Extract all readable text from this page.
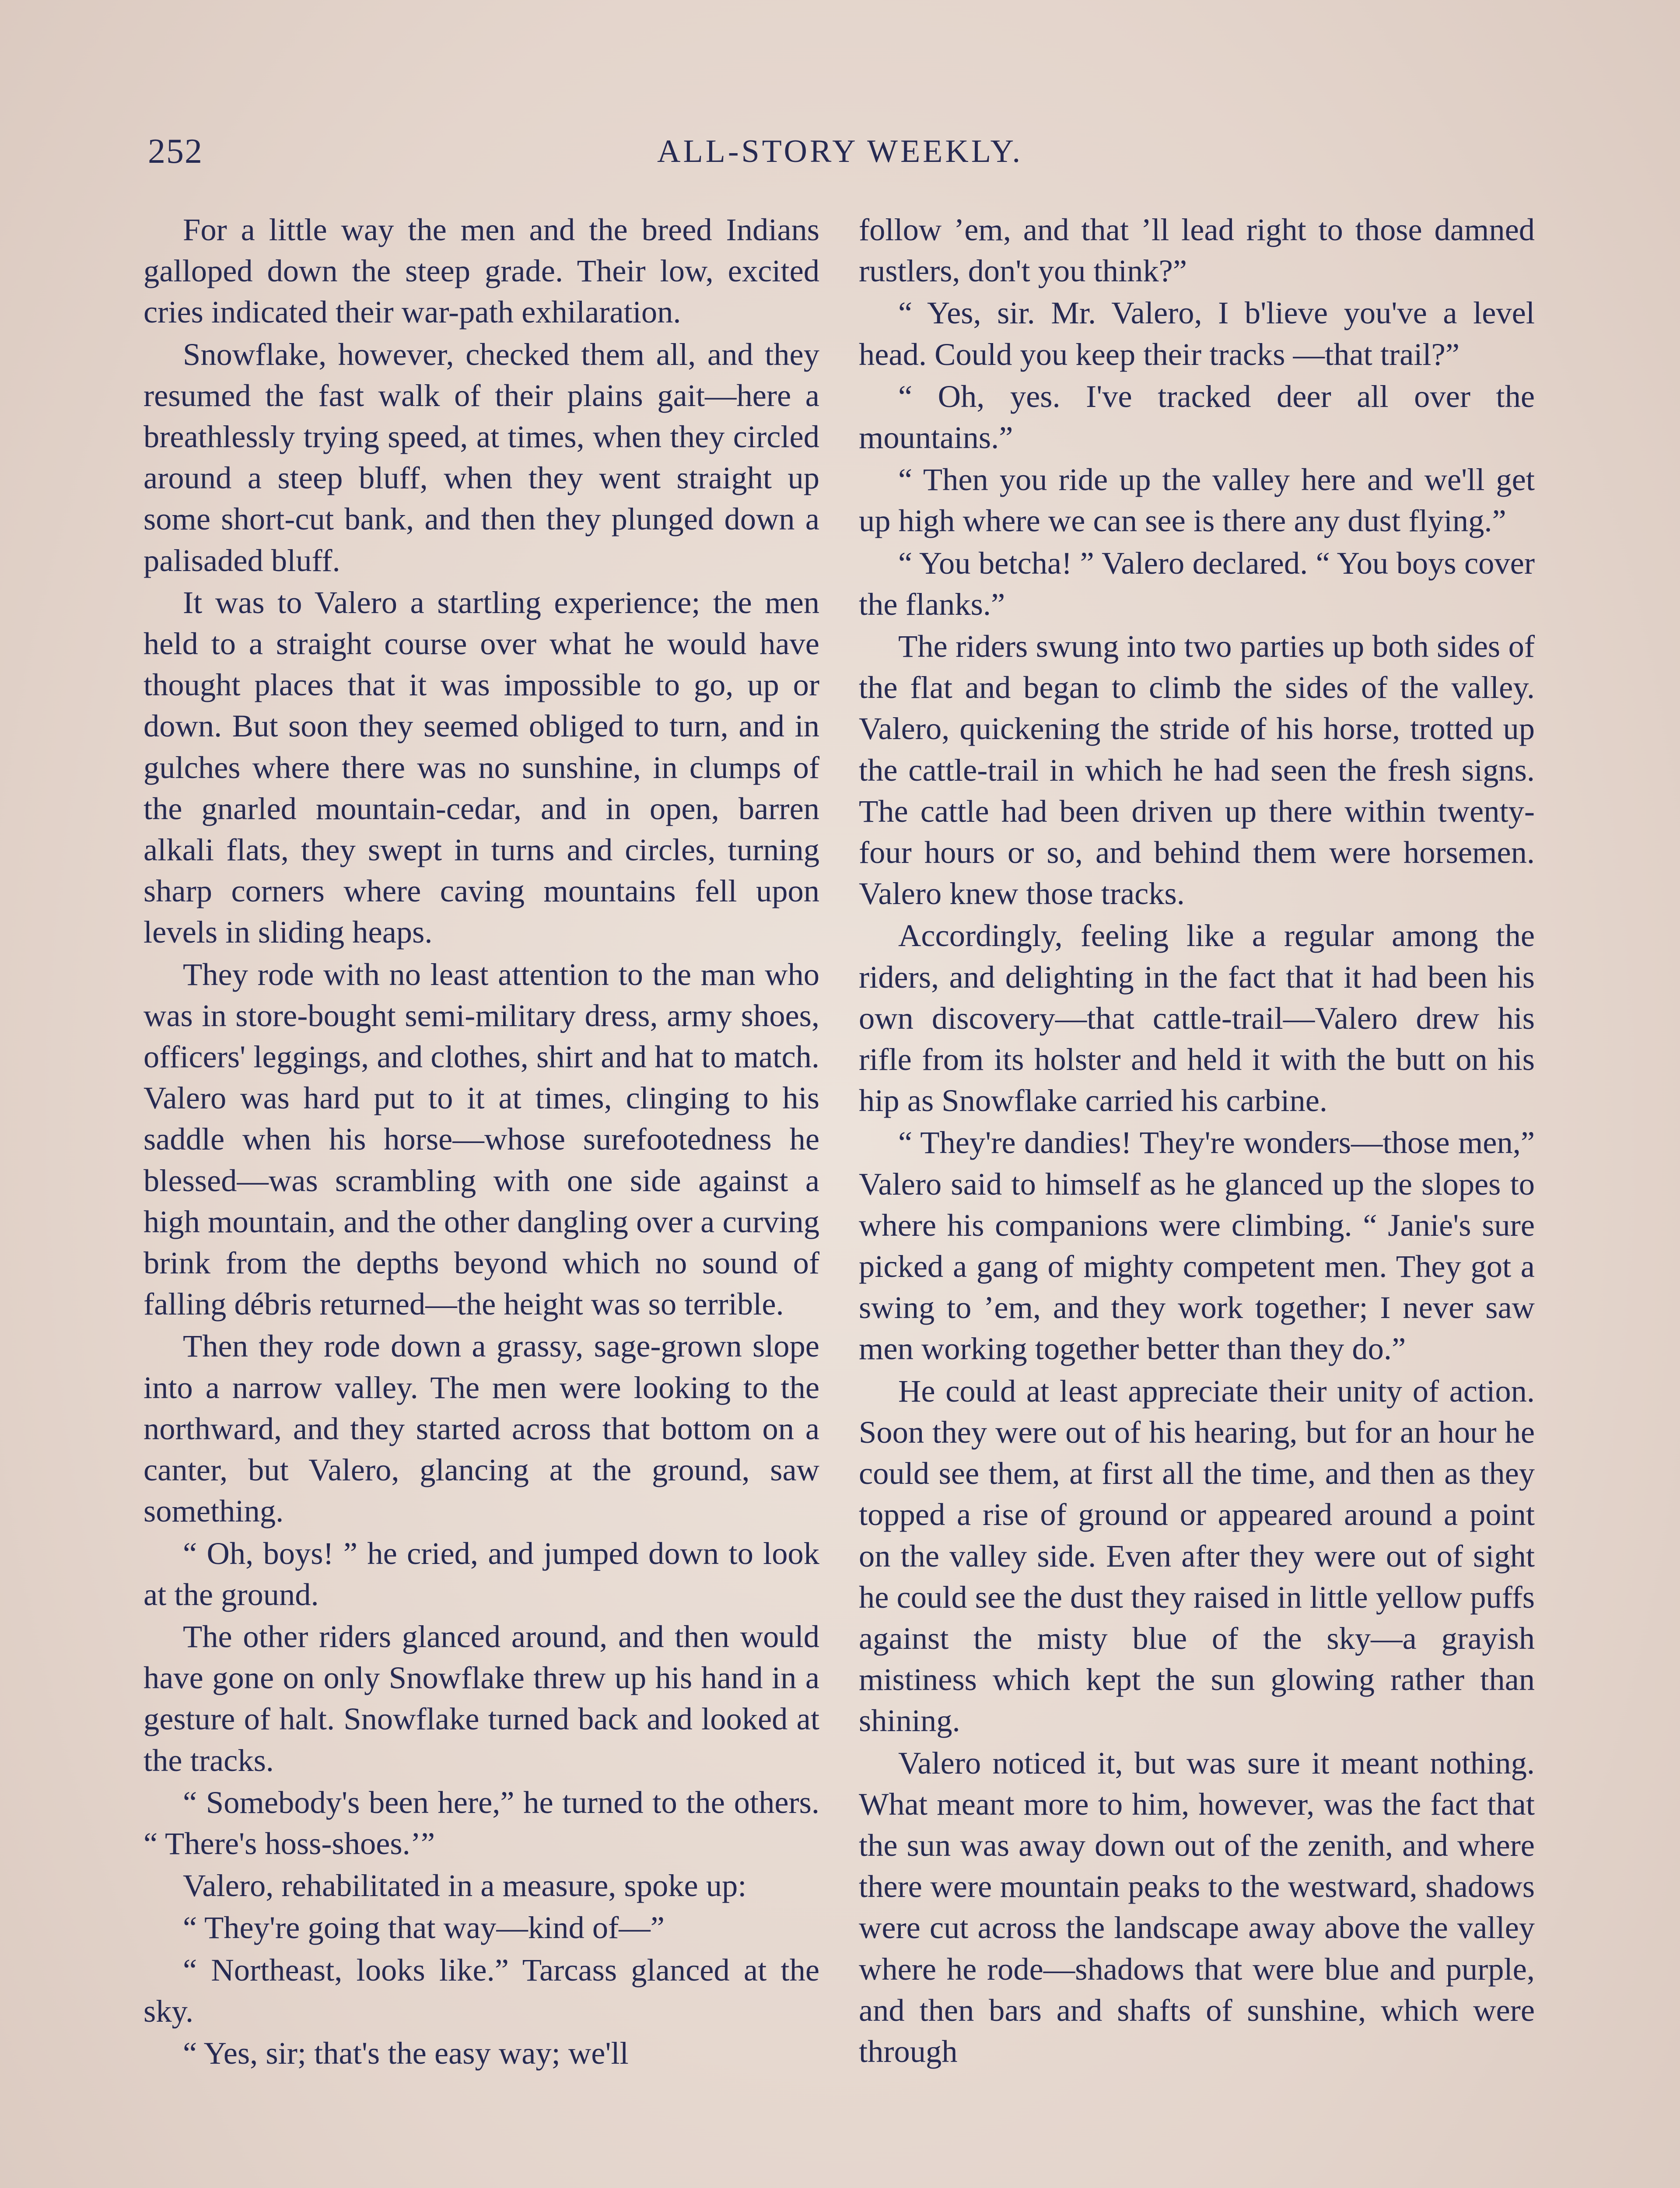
252	ALL-STORY WEEKLY.

For a little way the men and the breed Indians galloped down the steep grade. Their low, excited cries indicated their war-path exhilaration.

Snowflake, however, checked them all, and they resumed the fast walk of their plains gait—here a breathlessly trying speed, at times, when they circled around a steep bluff, when they went straight up some short-cut bank, and then they plunged down a palisaded bluff.

It was to Valero a startling experience; the men held to a straight course over what he would have thought places that it was impossible to go, up or down. But soon they seemed obliged to turn, and in gulches where there was no sunshine, in clumps of the gnarled mountain-cedar, and in open, barren alkali flats, they swept in turns and circles, turning sharp corners where caving mountains fell upon levels in sliding heaps.

They rode with no least attention to the man who was in store-bought semi-military dress, army shoes, officers' leggings, and clothes, shirt and hat to match. Valero was hard put to it at times, clinging to his saddle when his horse—whose surefootedness he blessed—was scrambling with one side against a high mountain, and the other dangling over a curving brink from the depths beyond which no sound of falling débris returned—the height was so terrible.

Then they rode down a grassy, sage-grown slope into a narrow valley. The men were looking to the northward, and they started across that bottom on a canter, but Valero, glancing at the ground, saw something.

“ Oh, boys! ” he cried, and jumped down to look at the ground.

The other riders glanced around, and then would have gone on only Snowflake threw up his hand in a gesture of halt. Snowflake turned back and looked at the tracks.

“ Somebody's been here,” he turned to the others. “ There's hoss-shoes.’”

Valero, rehabilitated in a measure, spoke up:

“ They're going that way—kind of—”

“ Northeast, looks like.” Tarcass glanced at the sky.

“ Yes, sir; that's the easy way; we'll

follow ’em, and that ’ll lead right to those damned rustlers, don't you think?”

“ Yes, sir. Mr. Valero, I b'lieve you've a level head. Could you keep their tracks —that trail?”

“ Oh, yes. I've tracked deer all over the mountains.”

“ Then you ride up the valley here and we'll get up high where we can see is there any dust flying.”

“ You betcha! ” Valero declared. “ You boys cover the flanks.”

The riders swung into two parties up both sides of the flat and began to climb the sides of the valley. Valero, quickening the stride of his horse, trotted up the cattle-trail in which he had seen the fresh signs. The cattle had been driven up there within twenty-four hours or so, and behind them were horsemen. Valero knew those tracks.

Accordingly, feeling like a regular among the riders, and delighting in the fact that it had been his own discovery—that cattle-trail—Valero drew his rifle from its holster and held it with the butt on his hip as Snowflake carried his carbine.

“ They're dandies! They're wonders—those men,” Valero said to himself as he glanced up the slopes to where his companions were climbing. “ Janie's sure picked a gang of mighty competent men. They got a swing to ’em, and they work together; I never saw men working together better than they do.”

He could at least appreciate their unity of action. Soon they were out of his hearing, but for an hour he could see them, at first all the time, and then as they topped a rise of ground or appeared around a point on the valley side. Even after they were out of sight he could see the dust they raised in little yellow puffs against the misty blue of the sky—a grayish mistiness which kept the sun glowing rather than shining.

Valero noticed it, but was sure it meant nothing. What meant more to him, however, was the fact that the sun was away down out of the zenith, and where there were mountain peaks to the westward, shadows were cut across the landscape away above the valley where he rode—shadows that were blue and purple, and then bars and shafts of sunshine, which were through
